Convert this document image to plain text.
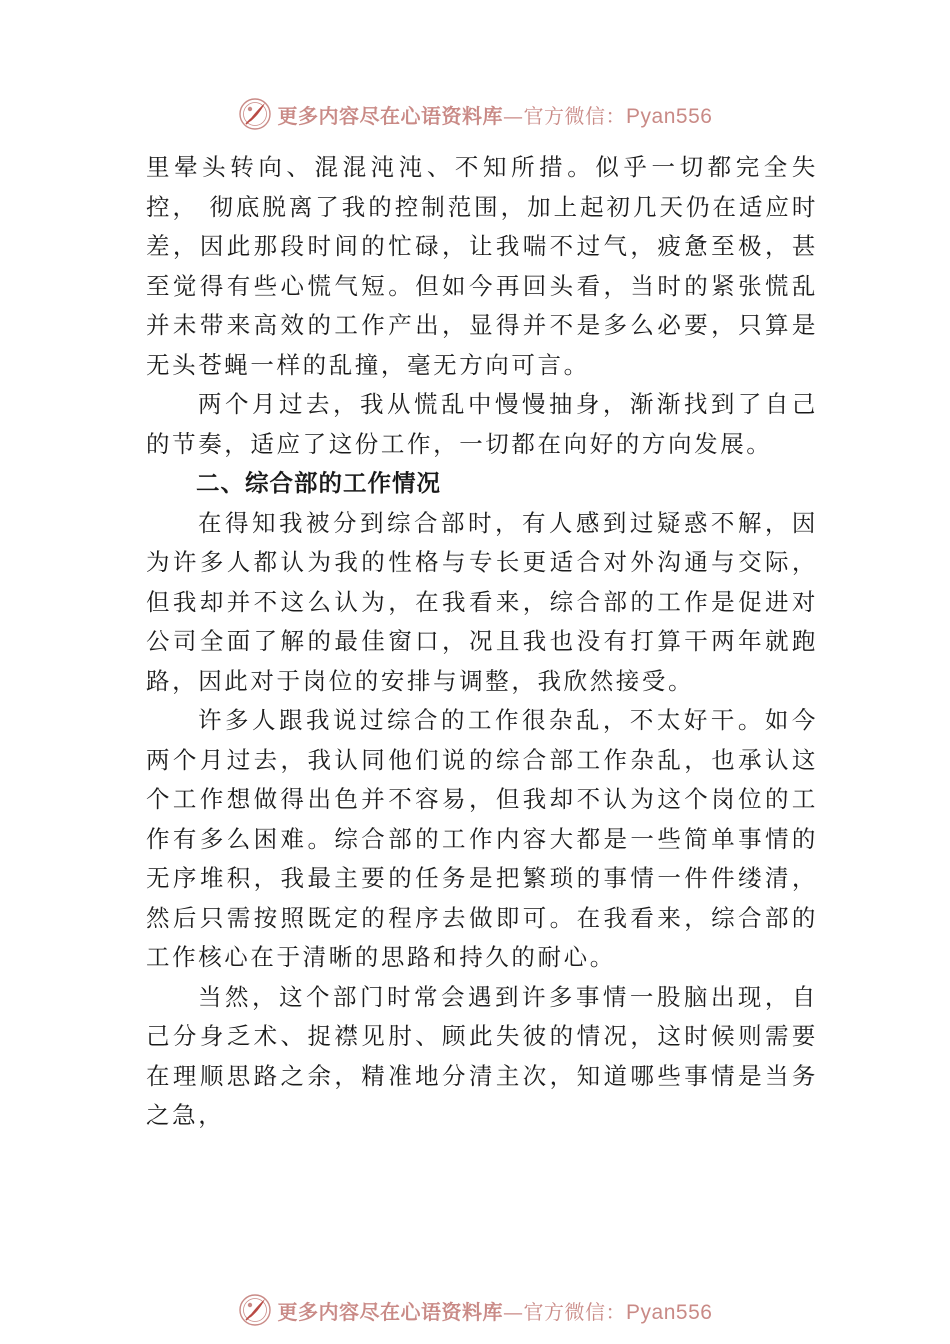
更多内容尽在心语资料库—官方微信：Pyan556

里晕头转向、混混沌沌、不知所措。似乎一切都完全失控， 彻底脱离了我的控制范围，加上起初几天仍在适应时差，因此那段时间的忙碌，让我喘不过气，疲惫至极，甚至觉得有些心慌气短。但如今再回头看，当时的紧张慌乱并未带来高效的工作产出，显得并不是多么必要，只算是无头苍蝇一样的乱撞，毫无方向可言。

两个月过去，我从慌乱中慢慢抽身，渐渐找到了自己的节奏，适应了这份工作，一切都在向好的方向发展。

二、综合部的工作情况

在得知我被分到综合部时，有人感到过疑惑不解，因为许多人都认为我的性格与专长更适合对外沟通与交际，但我却并不这么认为，在我看来，综合部的工作是促进对公司全面了解的最佳窗口，况且我也没有打算干两年就跑路，因此对于岗位的安排与调整，我欣然接受。

许多人跟我说过综合的工作很杂乱，不太好干。如今两个月过去，我认同他们说的综合部工作杂乱，也承认这个工作想做得出色并不容易，但我却不认为这个岗位的工作有多么困难。综合部的工作内容大都是一些简单事情的无序堆积，我最主要的任务是把繁琐的事情一件件缕清，然后只需按照既定的程序去做即可。在我看来，综合部的工作核心在于清晰的思路和持久的耐心。

当然，这个部门时常会遇到许多事情一股脑出现，自己分身乏术、捉襟见肘、顾此失彼的情况，这时候则需要在理顺思路之余，精准地分清主次，知道哪些事情是当务之急，

更多内容尽在心语资料库—官方微信：Pyan556
